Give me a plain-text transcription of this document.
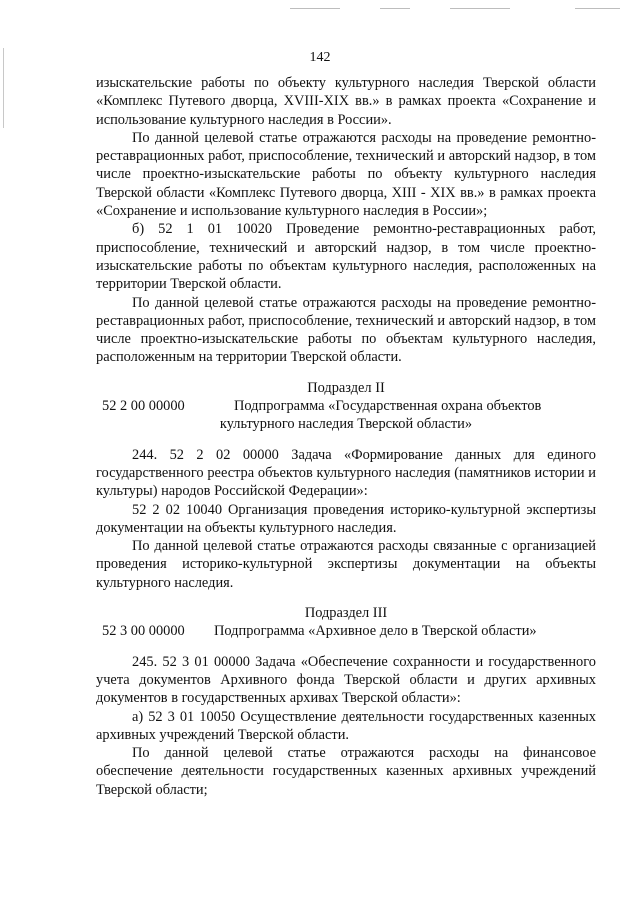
142

изыскательские работы по объекту культурного наследия Тверской области «Комплекс Путевого дворца, XVIII-XIX вв.» в рамках проекта «Сохранение и использование культурного наследия в России».

По данной целевой статье отражаются расходы на проведение ремонтно-реставрационных работ, приспособление, технический и авторский надзор, в том числе проектно-изыскательские работы по объекту культурного наследия Тверской области «Комплекс Путевого дворца, XIII - XIX вв.» в рамках проекта «Сохранение и использование культурного наследия в России»;

б) 52 1 01 10020 Проведение ремонтно-реставрационных работ, приспособление, технический и авторский надзор, в том числе проектно-изыскательские работы по объектам культурного наследия, расположенных на территории Тверской области.

По данной целевой статье отражаются расходы на проведение ремонтно-реставрационных работ, приспособление, технический и авторский надзор, в том числе проектно-изыскательские работы по объектам культурного наследия, расположенным на территории Тверской области.

Подраздел II

52 2 00 00000	Подпрограмма «Государственная охрана объектов

культурного наследия Тверской области»

244. 52 2 02 00000 Задача «Формирование данных для единого государственного реестра объектов культурного наследия (памятников истории и культуры) народов Российской Федерации»:

52 2 02 10040 Организация проведения историко-культурной экспертизы документации на объекты культурного наследия.

По данной целевой статье отражаются расходы связанные с организацией проведения историко-культурной экспертизы документации на объекты культурного наследия.

Подраздел III

52 3 00 00000	Подпрограмма «Архивное дело в Тверской области»

245. 52 3 01 00000 Задача «Обеспечение сохранности и государственного учета документов Архивного фонда Тверской области и других архивных документов в государственных архивах Тверской области»:

а) 52 3 01 10050 Осуществление деятельности государственных казенных архивных учреждений Тверской области.

По данной целевой статье отражаются расходы на финансовое обеспечение деятельности государственных казенных архивных учреждений Тверской области;
